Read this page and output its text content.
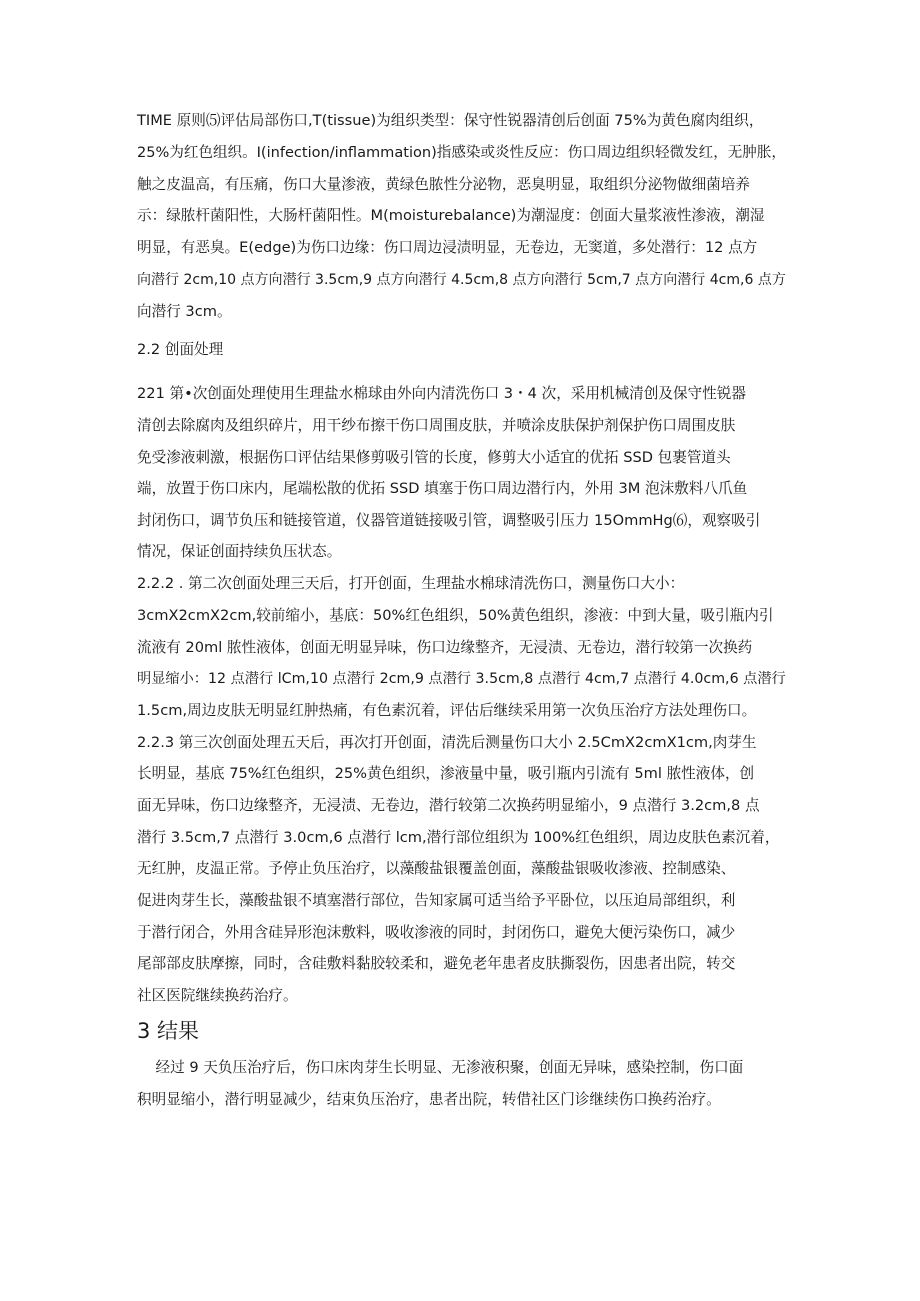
TIME 原则⑸评估局部伤口,T(tissue)为组织类型：保守性锐器清创后创面 75%为黄色腐肉组织，
25%为红色组织。I(infection/inflammation)指感染或炎性反应：伤口周边组织轻微发红，无肿胀，
触之皮温高，有压痛，伤口大量渗液，黄绿色脓性分泌物，恶臭明显，取组织分泌物做细菌培养
示：绿脓杆菌阳性，大肠杆菌阳性。M(moisturebalance)为潮湿度：创面大量浆液性渗液，潮湿
明显，有恶臭。E(edge)为伤口边缘：伤口周边浸渍明显，无卷边，无窦道，多处潜行：12 点方
向潜行 2cm,10 点方向潜行 3.5cm,9 点方向潜行 4.5cm,8 点方向潜行 5cm,7 点方向潜行 4cm,6 点方
向潜行 3cm。
2.2 创面处理
221 第•次创面处理使用生理盐水棉球由外向内清洗伤口 3・4 次，采用机械清创及保守性锐器
清创去除腐肉及组织碎片，用干纱布擦干伤口周围皮肤，并喷涂皮肤保护剂保护伤口周围皮肤
免受渗液刺激，根据伤口评估结果修剪吸引管的长度，修剪大小适宜的优拓 SSD 包裹管道头
端，放置于伤口床内，尾端松散的优拓 SSD 填塞于伤口周边潜行内，外用 3M 泡沫敷料八爪鱼
封闭伤口，调节负压和链接管道，仪器管道链接吸引管，调整吸引压力 15OmmHg⑹，观察吸引
情况，保证创面持续负压状态。
2.2.2 . 第二次创面处理三天后，打开创面，生理盐水棉球清洗伤口，测量伤口大小：
3cmX2cmX2cm,较前缩小，基底：50%红色组织，50%黄色组织，渗液：中到大量，吸引瓶内引
流液有 20ml 脓性液体，创面无明显异味，伤口边缘整齐，无浸渍、无卷边，潜行较第一次换药
明显缩小：12 点潜行 lCm,10 点潜行 2cm,9 点潜行 3.5cm,8 点潜行 4cm,7 点潜行 4.0cm,6 点潜行
1.5cm,周边皮肤无明显红肿热痛，有色素沉着，评估后继续采用第一次负压治疗方法处理伤口。
2.2.3 第三次创面处理五天后，再次打开创面，清洗后测量伤口大小 2.5CmX2cmX1cm,肉芽生
长明显，基底 75%红色组织，25%黄色组织，渗液量中量，吸引瓶内引流有 5ml 脓性液体，创
面无异味，伤口边缘整齐，无浸渍、无卷边，潜行较第二次换药明显缩小，9 点潜行 3.2cm,8 点
潜行 3.5cm,7 点潜行 3.0cm,6 点潜行 lcm,潜行部位组织为 100%红色组织，周边皮肤色素沉着，
无红肿，皮温正常。予停止负压治疗，以藻酸盐银覆盖创面，藻酸盐银吸收渗液、控制感染、
促进肉芽生长，藻酸盐银不填塞潜行部位，告知家属可适当给予平卧位，以压迫局部组织，利
于潜行闭合，外用含硅异形泡沫敷料，吸收渗液的同时，封闭伤口，避免大便污染伤口，减少
尾部部皮肤摩擦，同时，含硅敷料黏胶较柔和，避免老年患者皮肤撕裂伤，因患者出院，转交
社区医院继续换药治疗。
3 结果
经过 9 天负压治疗后，伤口床肉芽生长明显、无渗液积聚，创面无异味，感染控制，伤口面
积明显缩小，潜行明显减少，结束负压治疗，患者出院，转借社区门诊继续伤口换药治疗。
